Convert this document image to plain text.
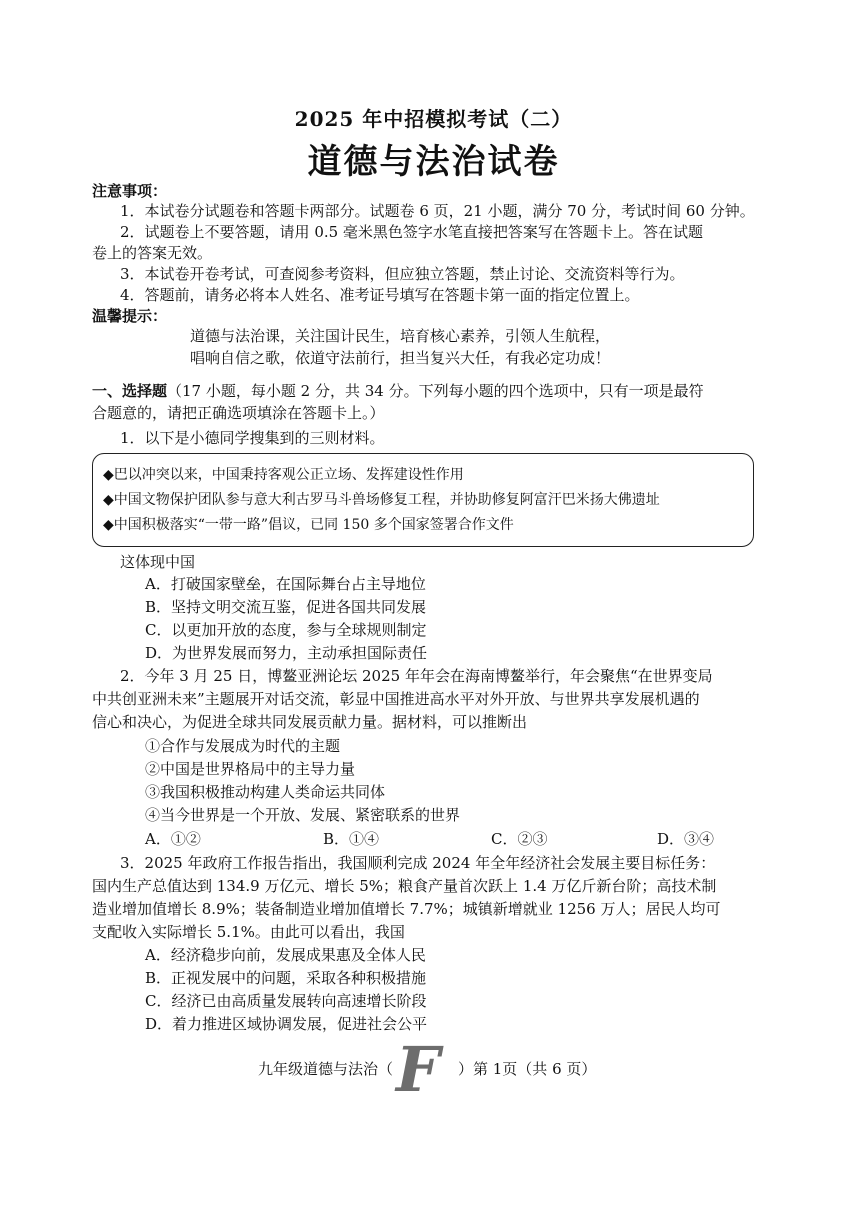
2025 年中招模拟考试（二）
道德与法治试卷
注意事项：
1．本试卷分试题卷和答题卡两部分。试题卷 6 页，21 小题，满分 70 分，考试时间 60 分钟。
2．试题卷上不要答题，请用 0.5 毫米黑色签字水笔直接把答案写在答题卡上。答在试题
卷上的答案无效。
3．本试卷开卷考试，可查阅参考资料，但应独立答题，禁止讨论、交流资料等行为。
4．答题前，请务必将本人姓名、准考证号填写在答题卡第一面的指定位置上。
温馨提示：
道德与法治课，关注国计民生，培育核心素养，引领人生航程，
唱响自信之歌，依道守法前行，担当复兴大任，有我必定功成！
一、选择题（17 小题，每小题 2 分，共 34 分。下列每小题的四个选项中，只有一项是最符
合题意的，请把正确选项填涂在答题卡上。）
1．以下是小德同学搜集到的三则材料。
◆巴以冲突以来，中国秉持客观公正立场、发挥建设性作用
◆中国文物保护团队参与意大利古罗马斗兽场修复工程，并协助修复阿富汗巴米扬大佛遗址
◆中国积极落实“一带一路”倡议，已同 150 多个国家签署合作文件
这体现中国
A．打破国家壁垒，在国际舞台占主导地位
B．坚持文明交流互鉴，促进各国共同发展
C．以更加开放的态度，参与全球规则制定
D．为世界发展而努力，主动承担国际责任
2．今年 3 月 25 日，博鳌亚洲论坛 2025 年年会在海南博鳌举行，年会聚焦“在世界变局
中共创亚洲未来”主题展开对话交流，彰显中国推进高水平对外开放、与世界共享发展机遇的
信心和决心，为促进全球共同发展贡献力量。据材料，可以推断出
①合作与发展成为时代的主题
②中国是世界格局中的主导力量
③我国积极推动构建人类命运共同体
④当今世界是一个开放、发展、紧密联系的世界
A．①②	B．①④	C．②③	D．③④
3．2025 年政府工作报告指出，我国顺利完成 2024 年全年经济社会发展主要目标任务：
国内生产总值达到 134.9 万亿元、增长 5%；粮食产量首次跃上 1.4 万亿斤新台阶；高技术制
造业增加值增长 8.9%；装备制造业增加值增长 7.7%；城镇新增就业 1256 万人；居民人均可
支配收入实际增长 5.1%。由此可以看出，我国
A．经济稳步向前，发展成果惠及全体人民
B．正视发展中的问题，采取各种积极措施
C．经济已由高质量发展转向高速增长阶段
D．着力推进区域协调发展，促进社会公平
九年级道德与法治（ F	）第 1页（共 6 页）
